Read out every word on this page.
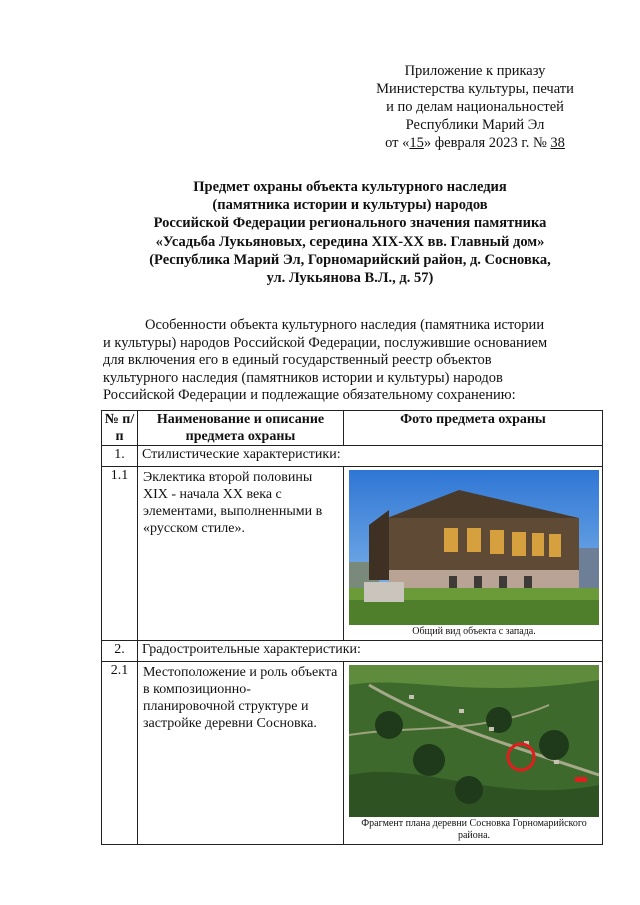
Приложение к приказу
Министерства культуры, печати
и по делам национальностей
Республики Марий Эл
от «15» февраля 2023 г. № 38
Предмет охраны объекта культурного наследия
(памятника истории и культуры) народов
Российской Федерации регионального значения памятника
«Усадьба Лукьяновых, середина XIX-XX вв. Главный дом»
(Республика Марий Эл, Горномарийский район, д. Сосновка,
ул. Лукьянова В.Л., д. 57)
Особенности объекта культурного наследия (памятника истории
и культуры) народов Российской Федерации, послужившие основанием
для включения его в единый государственный реестр объектов
культурного наследия (памятников истории и культуры) народов
Российской Федерации и подлежащие обязательному сохранению:
№ п/п	Наименование и описание предмета охраны	Фото предмета охраны
1.	Стилистические характеристики:	
1.1	Эклектика второй половины XIX - начала XX века с элементами, выполненными в «русском стиле».	Общий вид объекта с запада.

2.	Градостроительные характеристики:	
2.1	Местоположение и роль объекта в композиционно-планировочной структуре и застройке деревни Сосновка.	Фрагмент плана деревни Сосновка Горномарийского района.
